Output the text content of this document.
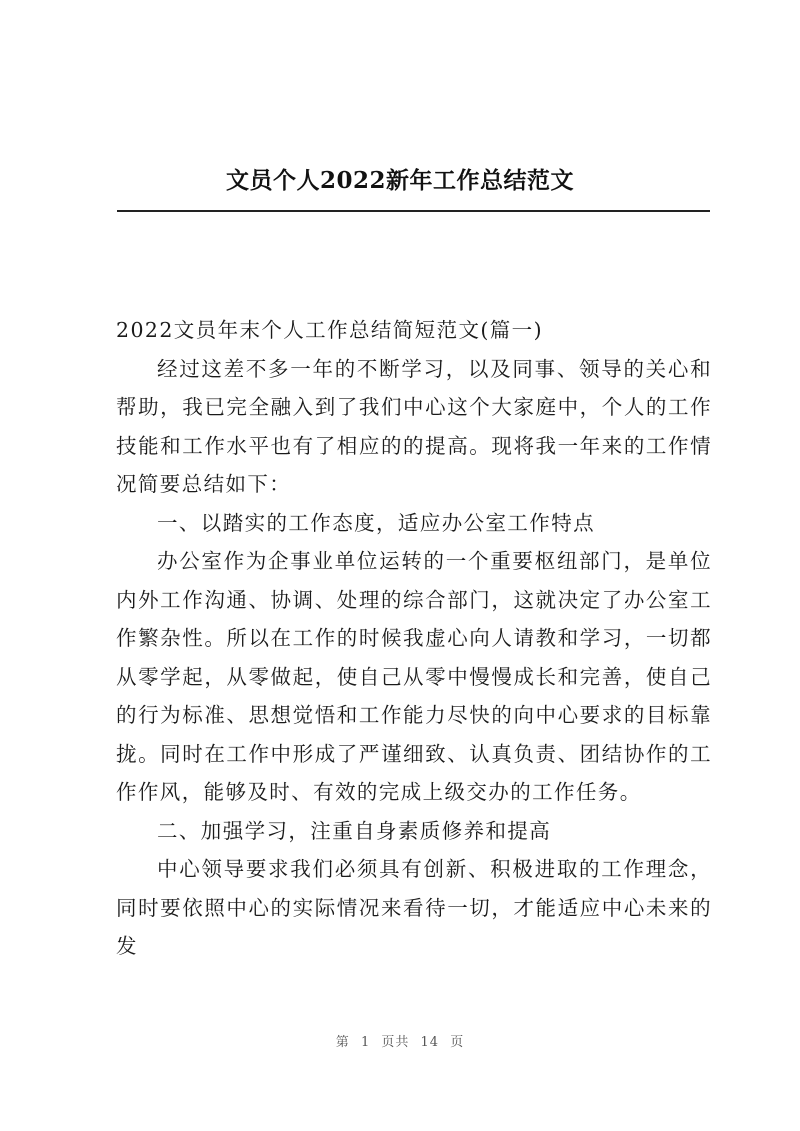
文员个人2022新年工作总结范文

2022文员年末个人工作总结简短范文(篇一)

经过这差不多一年的不断学习，以及同事、领导的关心和帮助，我已完全融入到了我们中心这个大家庭中，个人的工作技能和工作水平也有了相应的的提高。现将我一年来的工作情况简要总结如下：

一、以踏实的工作态度，适应办公室工作特点

办公室作为企事业单位运转的一个重要枢纽部门，是单位内外工作沟通、协调、处理的综合部门，这就决定了办公室工作繁杂性。所以在工作的时候我虚心向人请教和学习，一切都从零学起，从零做起，使自己从零中慢慢成长和完善，使自己的行为标准、思想觉悟和工作能力尽快的向中心要求的目标靠拢。同时在工作中形成了严谨细致、认真负责、团结协作的工作作风，能够及时、有效的完成上级交办的工作任务。

二、加强学习，注重自身素质修养和提高

中心领导要求我们必须具有创新、积极进取的工作理念，同时要依照中心的实际情况来看待一切，才能适应中心未来的发

第 1 页共 14 页
